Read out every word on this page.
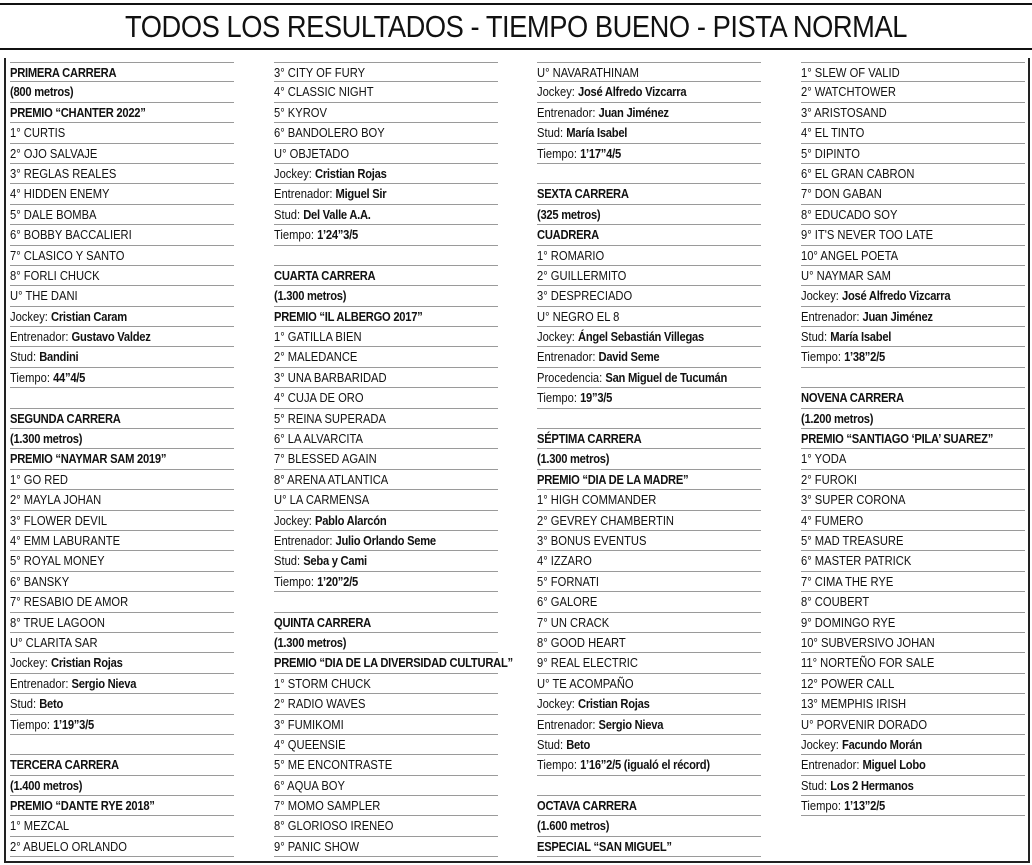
TODOS LOS RESULTADOS - TIEMPO BUENO - PISTA NORMAL
PRIMERA CARRERA
(800 metros)
PREMIO “CHANTER 2022”
1° CURTIS
2° OJO SALVAJE
3° REGLAS REALES
4° HIDDEN ENEMY
5° DALE BOMBA
6° BOBBY BACCALIERI
7° CLASICO Y SANTO
8° FORLI CHUCK
U° THE DANI
Jockey: Cristian Caram
Entrenador: Gustavo Valdez
Stud: Bandini
Tiempo: 44”4/5
SEGUNDA CARRERA
(1.300 metros)
PREMIO “NAYMAR SAM 2019”
1° GO RED
2° MAYLA JOHAN
3° FLOWER DEVIL
4° EMM LABURANTE
5° ROYAL MONEY
6° BANSKY
7° RESABIO DE AMOR
8° TRUE LAGOON
U° CLARITA SAR
Jockey: Cristian Rojas
Entrenador: Sergio Nieva
Stud: Beto
Tiempo: 1’19”3/5
TERCERA CARRERA
(1.400 metros)
PREMIO “DANTE RYE 2018”
1° MEZCAL
2° ABUELO ORLANDO
3° CITY OF FURY
4° CLASSIC NIGHT
5° KYROV
6° BANDOLERO BOY
U° OBJETADO
Jockey: Cristian Rojas
Entrenador: Miguel Sir
Stud: Del Valle A.A.
Tiempo: 1’24”3/5
CUARTA CARRERA
(1.300 metros)
PREMIO “IL ALBERGO 2017”
1° GATILLA BIEN
2° MALEDANCE
3° UNA BARBARIDAD
4° CUJA DE ORO
5° REINA SUPERADA
6° LA ALVARCITA
7° BLESSED AGAIN
8° ARENA ATLANTICA
U° LA CARMENSA
Jockey: Pablo Alarcón
Entrenador: Julio Orlando Seme
Stud: Seba y Cami
Tiempo: 1’20”2/5
QUINTA CARRERA
(1.300 metros)
PREMIO “DIA DE LA DIVERSIDAD CULTURAL”
1° STORM CHUCK
2° RADIO WAVES
3° FUMIKOMI
4° QUEENSIE
5° ME ENCONTRASTE
6° AQUA BOY
7° MOMO SAMPLER
8° GLORIOSO IRENEO
9° PANIC SHOW
U° NAVARATHINAM
Jockey: José Alfredo Vizcarra
Entrenador: Juan Jiménez
Stud: María Isabel
Tiempo: 1’17”4/5
SEXTA CARRERA
(325 metros)
CUADRERA
1° ROMARIO
2° GUILLERMITO
3° DESPRECIADO
U° NEGRO EL 8
Jockey: Ángel Sebastián Villegas
Entrenador: David Seme
Procedencia: San Miguel de Tucumán
Tiempo: 19”3/5
SÉPTIMA CARRERA
(1.300 metros)
PREMIO “DIA DE LA MADRE”
1° HIGH COMMANDER
2° GEVREY CHAMBERTIN
3° BONUS EVENTUS
4° IZZARO
5° FORNATI
6° GALORE
7° UN CRACK
8° GOOD HEART
9° REAL ELECTRIC
U° TE ACOMPAÑO
Jockey: Cristian Rojas
Entrenador: Sergio Nieva
Stud: Beto
Tiempo: 1’16”2/5 (igualó el récord)
OCTAVA CARRERA
(1.600 metros)
ESPECIAL “SAN MIGUEL”
1° SLEW OF VALID
2° WATCHTOWER
3° ARISTOSAND
4° EL TINTO
5° DIPINTO
6° EL GRAN CABRON
7° DON GABAN
8° EDUCADO SOY
9° IT'S NEVER TOO LATE
10° ANGEL POETA
U° NAYMAR SAM
Jockey: José Alfredo Vizcarra
Entrenador: Juan Jiménez
Stud: María Isabel
Tiempo: 1’38”2/5
NOVENA CARRERA
(1.200 metros)
PREMIO “SANTIAGO ‘PILA’ SUAREZ”
1° YODA
2° FUROKI
3° SUPER CORONA
4° FUMERO
5° MAD TREASURE
6° MASTER PATRICK
7° CIMA THE RYE
8° COUBERT
9° DOMINGO RYE
10° SUBVERSIVO JOHAN
11° NORTEÑO FOR SALE
12° POWER CALL
13° MEMPHIS IRISH
U° PORVENIR DORADO
Jockey: Facundo Morán
Entrenador: Miguel Lobo
Stud: Los 2 Hermanos
Tiempo: 1’13”2/5
